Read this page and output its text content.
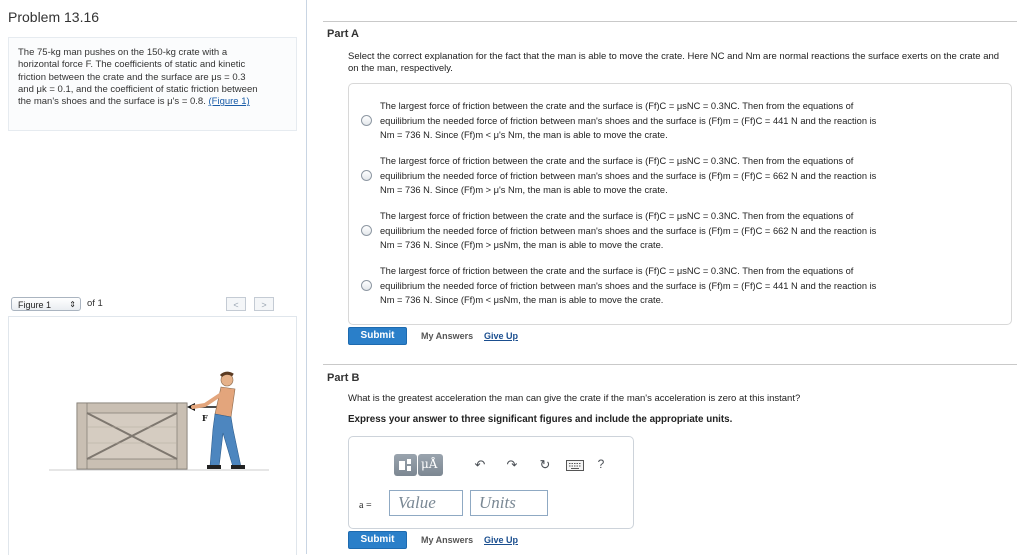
Problem 13.16
The 75-kg man pushes on the 150-kg crate with a
horizontal force F. The coefficients of static and kinetic
friction between the crate and the surface are μs = 0.3
and μk = 0.1, and the coefficient of static friction between
the man's shoes and the surface is μ's = 0.8. (Figure 1)
Figure 1 ⇕ of 1	<	>
F
Part A
Select the correct explanation for the fact that the man is able to move the crate. Here NC and Nm are normal reactions the surface exerts on the crate and on the man, respectively.
The largest force of friction between the crate and the surface is (Ff)C = μsNC = 0.3NC. Then from the equations of
equilibrium the needed force of friction between man's shoes and the surface is (Ff)m = (Ff)C = 441 N and the reaction is
Nm = 736 N. Since (Ff)m < μ's Nm, the man is able to move the crate.
The largest force of friction between the crate and the surface is (Ff)C = μsNC = 0.3NC. Then from the equations of
equilibrium the needed force of friction between man's shoes and the surface is (Ff)m = (Ff)C = 662 N and the reaction is
Nm = 736 N. Since (Ff)m > μ's Nm, the man is able to move the crate.
The largest force of friction between the crate and the surface is (Ff)C = μsNC = 0.3NC. Then from the equations of
equilibrium the needed force of friction between man's shoes and the surface is (Ff)m = (Ff)C = 662 N and the reaction is
Nm = 736 N. Since (Ff)m > μsNm, the man is able to move the crate.
The largest force of friction between the crate and the surface is (Ff)C = μsNC = 0.3NC. Then from the equations of
equilibrium the needed force of friction between man's shoes and the surface is (Ff)m = (Ff)C = 441 N and the reaction is
Nm = 736 N. Since (Ff)m < μsNm, the man is able to move the crate.
Submit	My Answers Give Up
Part B
What is the greatest acceleration the man can give the crate if the man's acceleration is zero at this instant?
Express your answer to three significant figures and include the appropriate units.
μÅ	↶ ↷ ↻	?
a =	Value	Units
Submit	My Answers Give Up
